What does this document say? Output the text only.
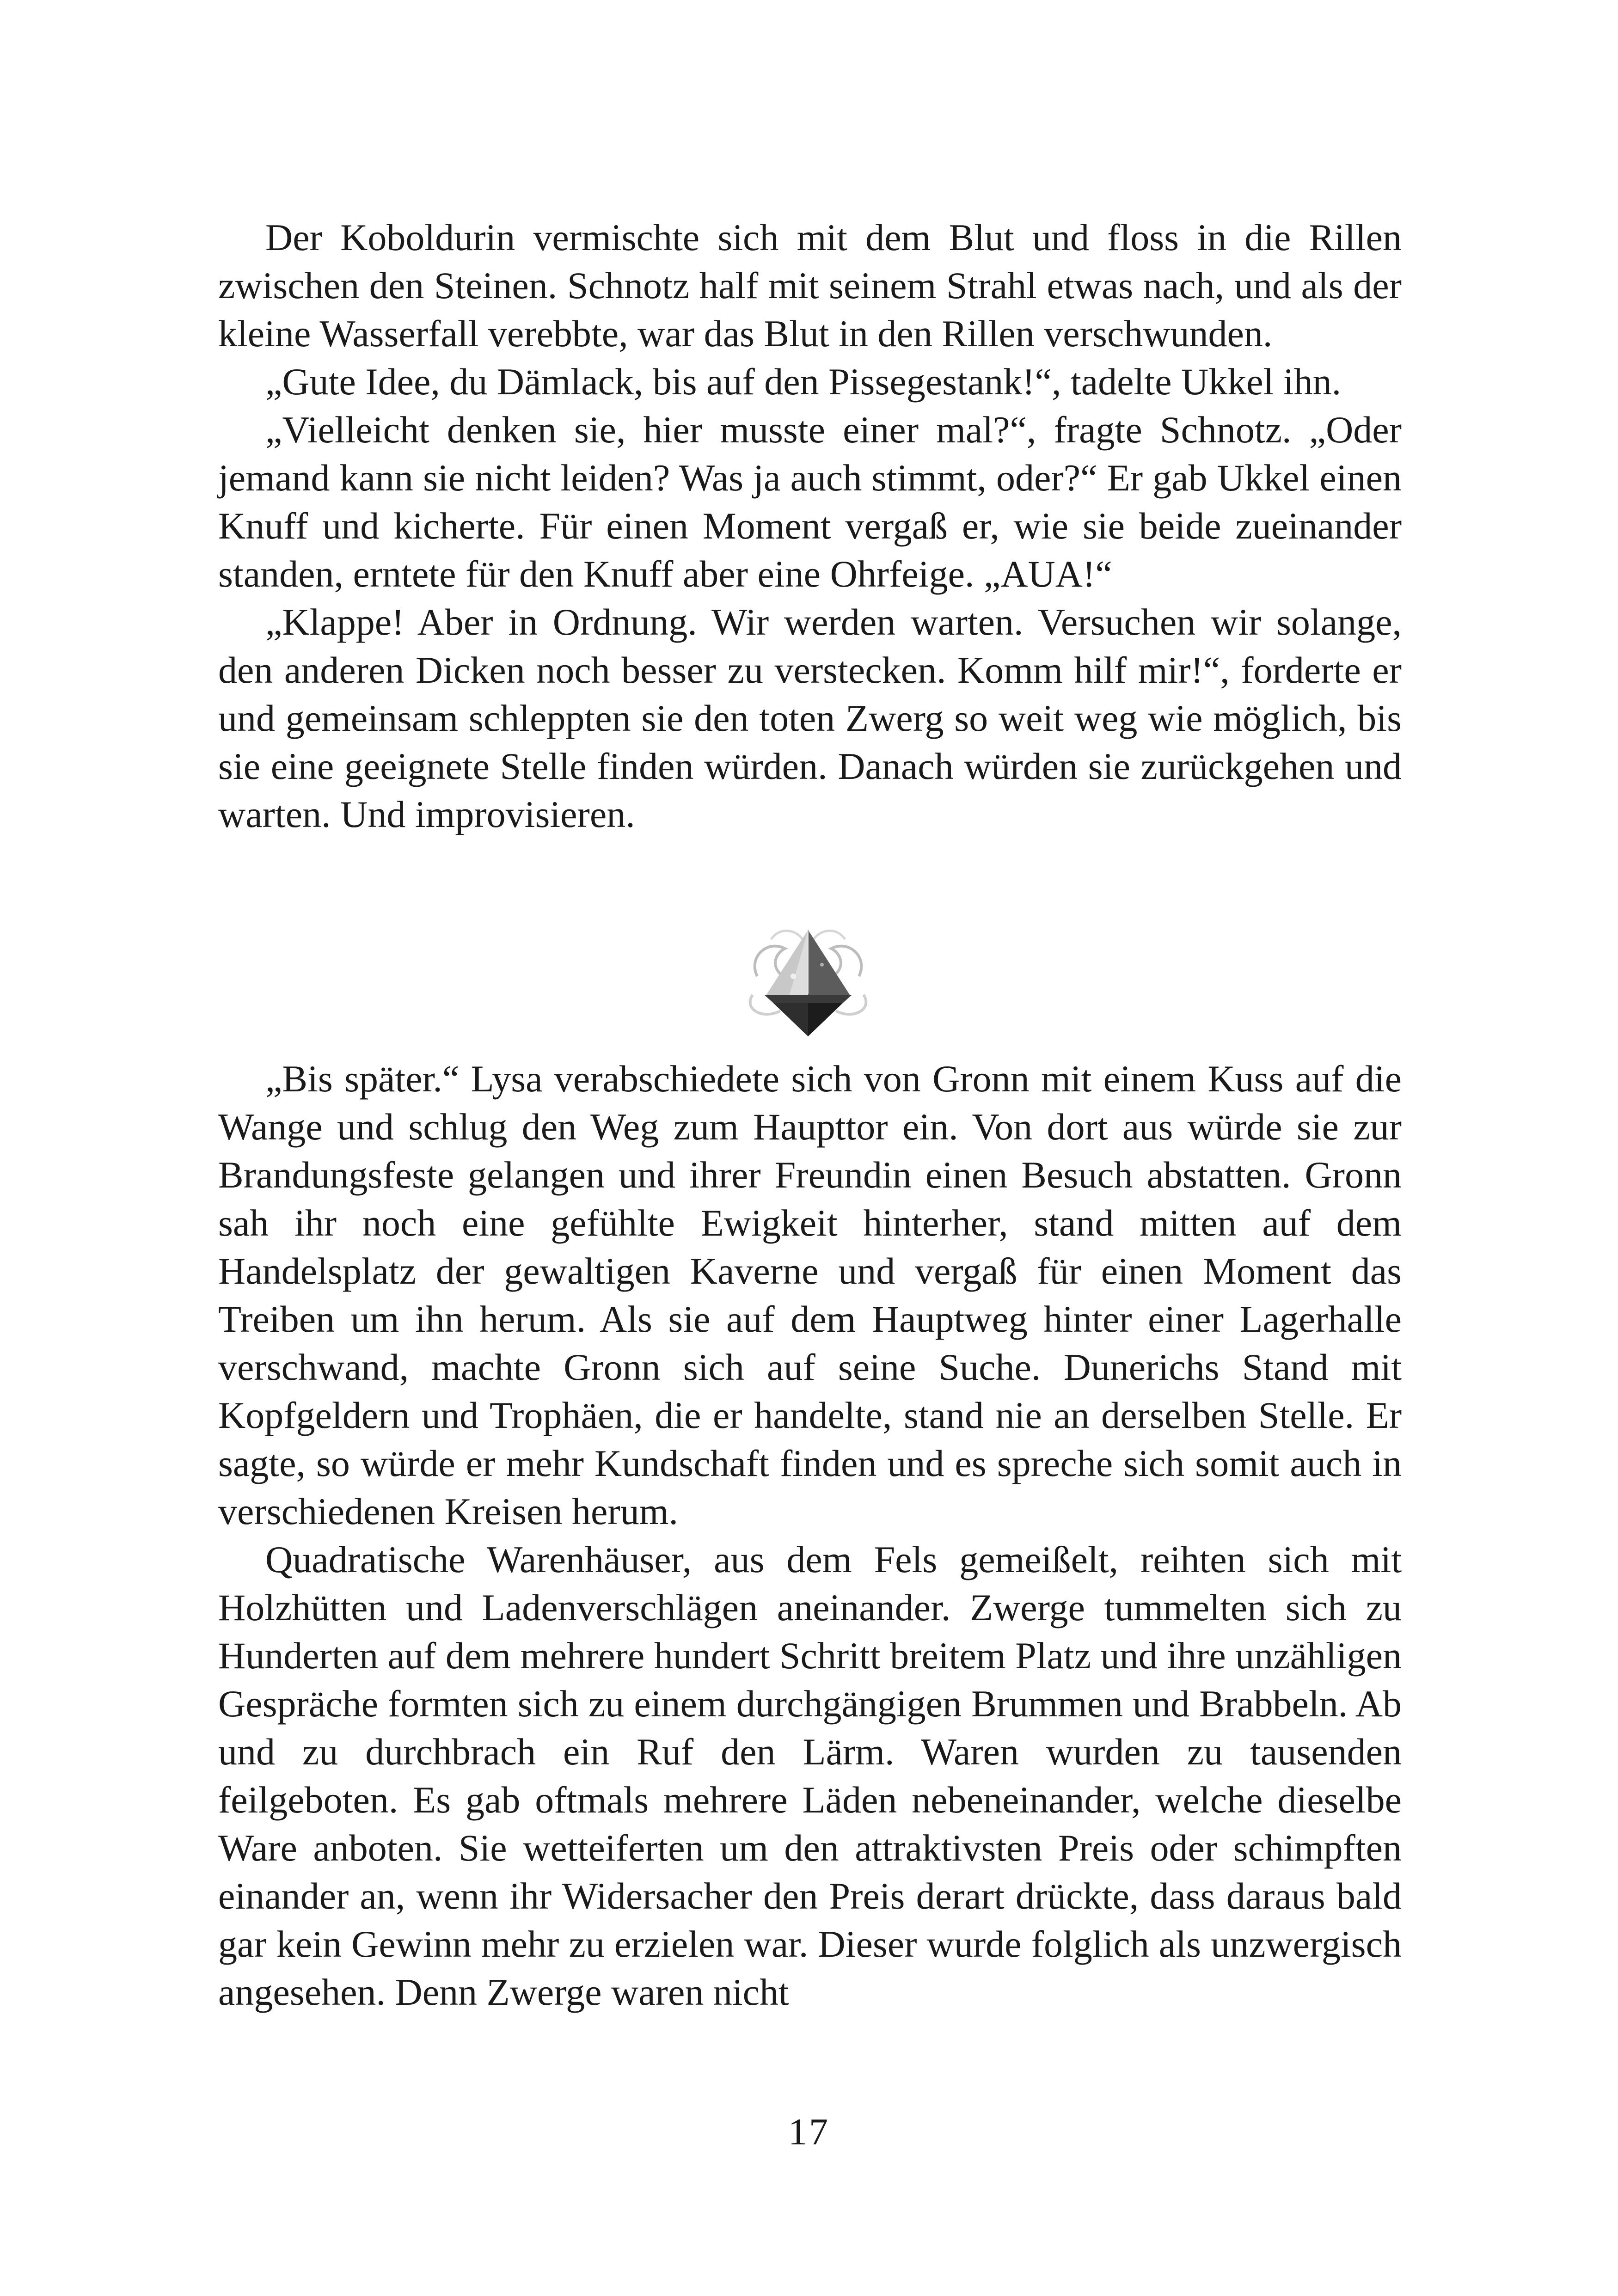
Der Koboldurin vermischte sich mit dem Blut und floss in die Rillen zwischen den Steinen. Schnotz half mit seinem Strahl etwas nach, und als der kleine Wasserfall verebbte, war das Blut in den Rillen verschwunden.

„Gute Idee, du Dämlack, bis auf den Pissegestank!“, tadelte Ukkel ihn.

„Vielleicht denken sie, hier musste einer mal?“, fragte Schnotz. „Oder jemand kann sie nicht leiden? Was ja auch stimmt, oder?“ Er gab Ukkel einen Knuff und kicherte. Für einen Moment vergaß er, wie sie beide zueinander standen, erntete für den Knuff aber eine Ohrfeige. „AUA!“

„Klappe! Aber in Ordnung. Wir werden warten. Versuchen wir solange, den anderen Dicken noch besser zu verstecken. Komm hilf mir!“, forderte er und gemeinsam schleppten sie den toten Zwerg so weit weg wie möglich, bis sie eine geeignete Stelle finden würden. Danach würden sie zurückgehen und warten. Und improvisieren.

„Bis später.“ Lysa verabschiedete sich von Gronn mit einem Kuss auf die Wange und schlug den Weg zum Haupttor ein. Von dort aus würde sie zur Brandungsfeste gelangen und ihrer Freundin einen Besuch abstatten. Gronn sah ihr noch eine gefühlte Ewigkeit hinterher, stand mitten auf dem Handelsplatz der gewaltigen Kaverne und vergaß für einen Moment das Treiben um ihn herum. Als sie auf dem Hauptweg hinter einer Lagerhalle verschwand, machte Gronn sich auf seine Suche. Dunerichs Stand mit Kopfgeldern und Trophäen, die er handelte, stand nie an derselben Stelle. Er sagte, so würde er mehr Kundschaft finden und es spreche sich somit auch in verschiedenen Kreisen herum.

Quadratische Warenhäuser, aus dem Fels gemeißelt, reihten sich mit Holzhütten und Ladenverschlägen aneinander. Zwerge tummelten sich zu Hunderten auf dem mehrere hundert Schritt breitem Platz und ihre unzähligen Gespräche formten sich zu einem durchgängigen Brummen und Brabbeln. Ab und zu durchbrach ein Ruf den Lärm. Waren wurden zu tausenden feilgeboten. Es gab oftmals mehrere Läden nebeneinander, welche dieselbe Ware anboten. Sie wetteiferten um den attraktivsten Preis oder schimpften einander an, wenn ihr Widersacher den Preis derart drückte, dass daraus bald gar kein Gewinn mehr zu erzielen war. Dieser wurde folglich als unzwergisch angesehen. Denn Zwerge waren nicht

17
